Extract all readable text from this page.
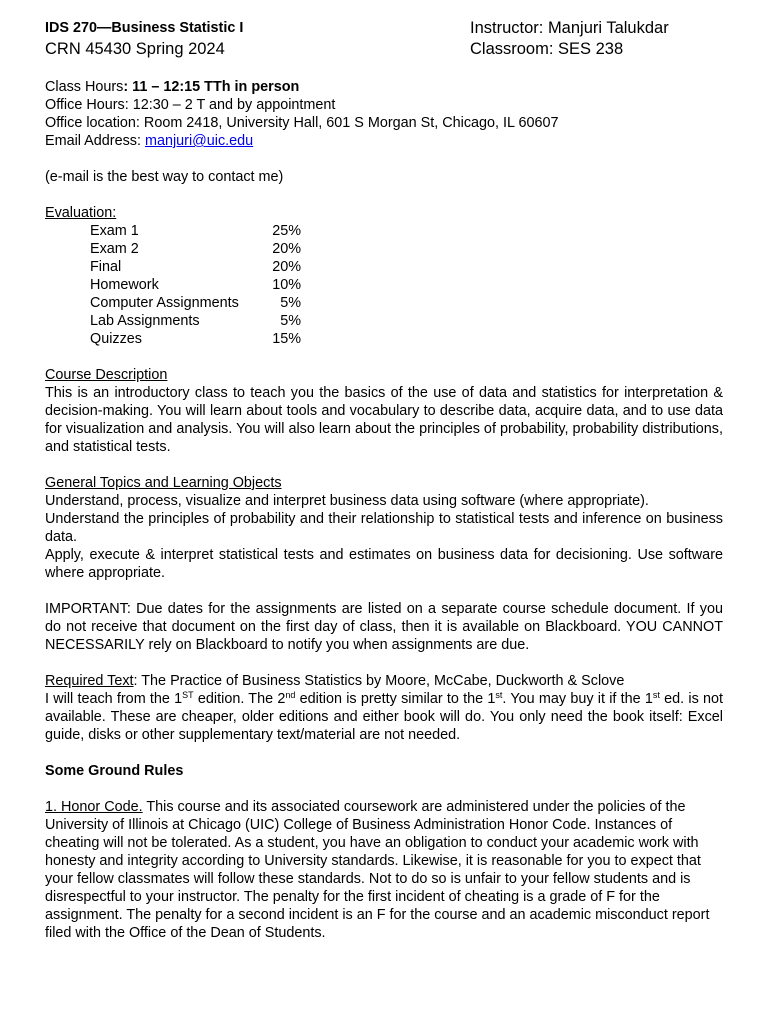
IDS 270—Business Statistic I
CRN 45430 Spring 2024
Instructor: Manjuri Talukdar
Classroom: SES 238
Class Hours: 11 – 12:15 TTh in person
Office Hours: 12:30 – 2 T and by appointment
Office location: Room 2418, University Hall, 601 S Morgan St, Chicago, IL 60607
Email Address: manjuri@uic.edu
(e-mail is the best way to contact me)
Evaluation:
Exam 1	25%
Exam 2	20%
Final	20%
Homework	10%
Computer Assignments	5%
Lab Assignments	5%
Quizzes	15%
Course Description
This is an introductory class to teach you the basics of the use of data and statistics for interpretation & decision-making. You will learn about tools and vocabulary to describe data, acquire data, and to use data for visualization and analysis. You will also learn about the principles of probability, probability distributions, and statistical tests.
General Topics and Learning Objects
Understand, process, visualize and interpret business data using software (where appropriate).
Understand the principles of probability and their relationship to statistical tests and inference on business data.
Apply, execute & interpret statistical tests and estimates on business data for decisioning. Use software where appropriate.
IMPORTANT: Due dates for the assignments are listed on a separate course schedule document. If you do not receive that document on the first day of class, then it is available on Blackboard. YOU CANNOT NECESSARILY rely on Blackboard to notify you when assignments are due.
Required Text: The Practice of Business Statistics by Moore, McCabe, Duckworth & Sclove
I will teach from the 1ST edition. The 2nd edition is pretty similar to the 1st. You may buy it if the 1st ed. is not available. These are cheaper, older editions and either book will do. You only need the book itself: Excel guide, disks or other supplementary text/material are not needed.
Some Ground Rules
1. Honor Code. This course and its associated coursework are administered under the policies of the University of Illinois at Chicago (UIC) College of Business Administration Honor Code. Instances of cheating will not be tolerated. As a student, you have an obligation to conduct your academic work with honesty and integrity according to University standards. Likewise, it is reasonable for you to expect that your fellow classmates will follow these standards. Not to do so is unfair to your fellow students and is disrespectful to your instructor. The penalty for the first incident of cheating is a grade of F for the assignment. The penalty for a second incident is an F for the course and an academic misconduct report filed with the Office of the Dean of Students.
